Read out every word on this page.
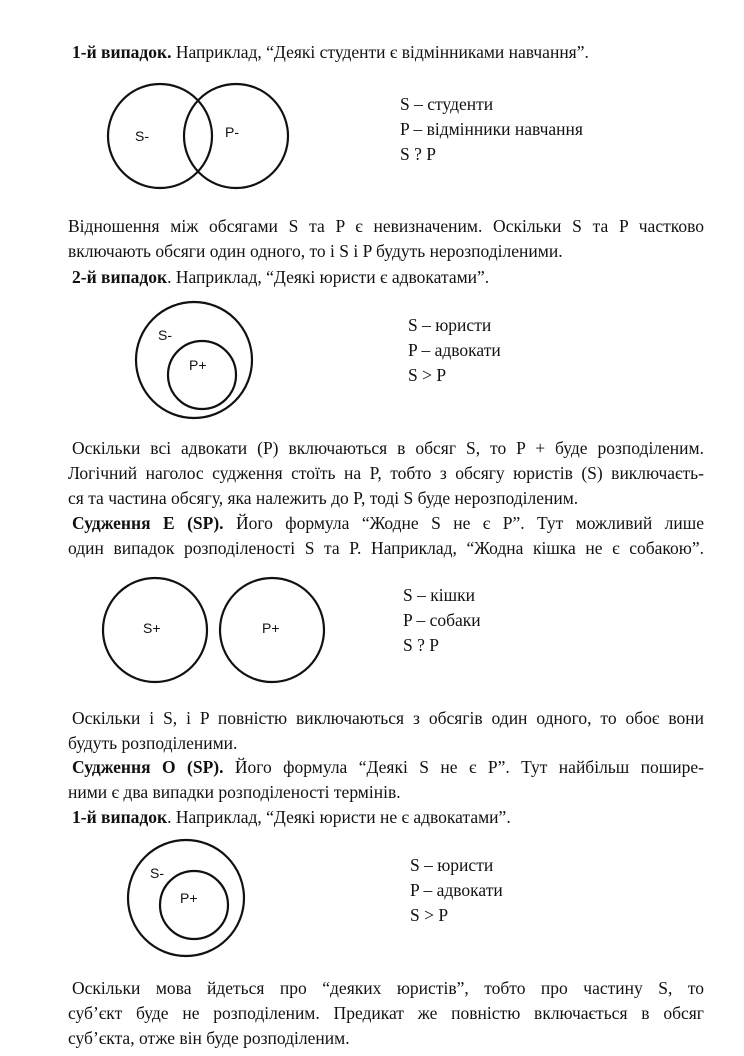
1-й випадок. Наприклад, “Деякі студенти є відмінниками навчання”.
S-	P-
S-
P+
S+	P+
S-
P+
S – студенти
P – відмінники навчання
S ? P
Відношення між обсягами S та P є невизначеним. Оскільки S та P частково
включають обсяги один одного, то і S і P будуть нерозподіленими.
2-й випадок. Наприклад, “Деякі юристи є адвокатами”.
S – юристи
P – адвокати
S > P
Оскільки всі адвокати (P) включаються в обсяг S, то P + буде розподіленим.
Логічний наголос судження стоїть на P, тобто з обсягу юристів (S) виключаєть-
ся та частина обсягу, яка належить до P, тоді S буде нерозподіленим.
Судження E (SP). Його формула “Жодне S не є P”. Тут можливий лише
один випадок розподіленості S та P. Наприклад, “Жодна кішка не є собакою”.
S – кішки
P – собаки
S ? P
Оскільки і S, і P повністю виключаються з обсягів один одного, то обоє вони
будуть розподіленими.
Судження O (SP). Його формула “Деякі S не є P”. Тут найбільш пошире-
ними є два випадки розподіленості термінів.
1-й випадок. Наприклад, “Деякі юристи не є адвокатами”.
S – юристи
P – адвокати
S > P
Оскільки мова йдеться про “деяких юристів”, тобто про частину S, то
суб’єкт буде не розподіленим. Предикат же повністю включається в обсяг
суб’єкта, отже він буде розподіленим.
